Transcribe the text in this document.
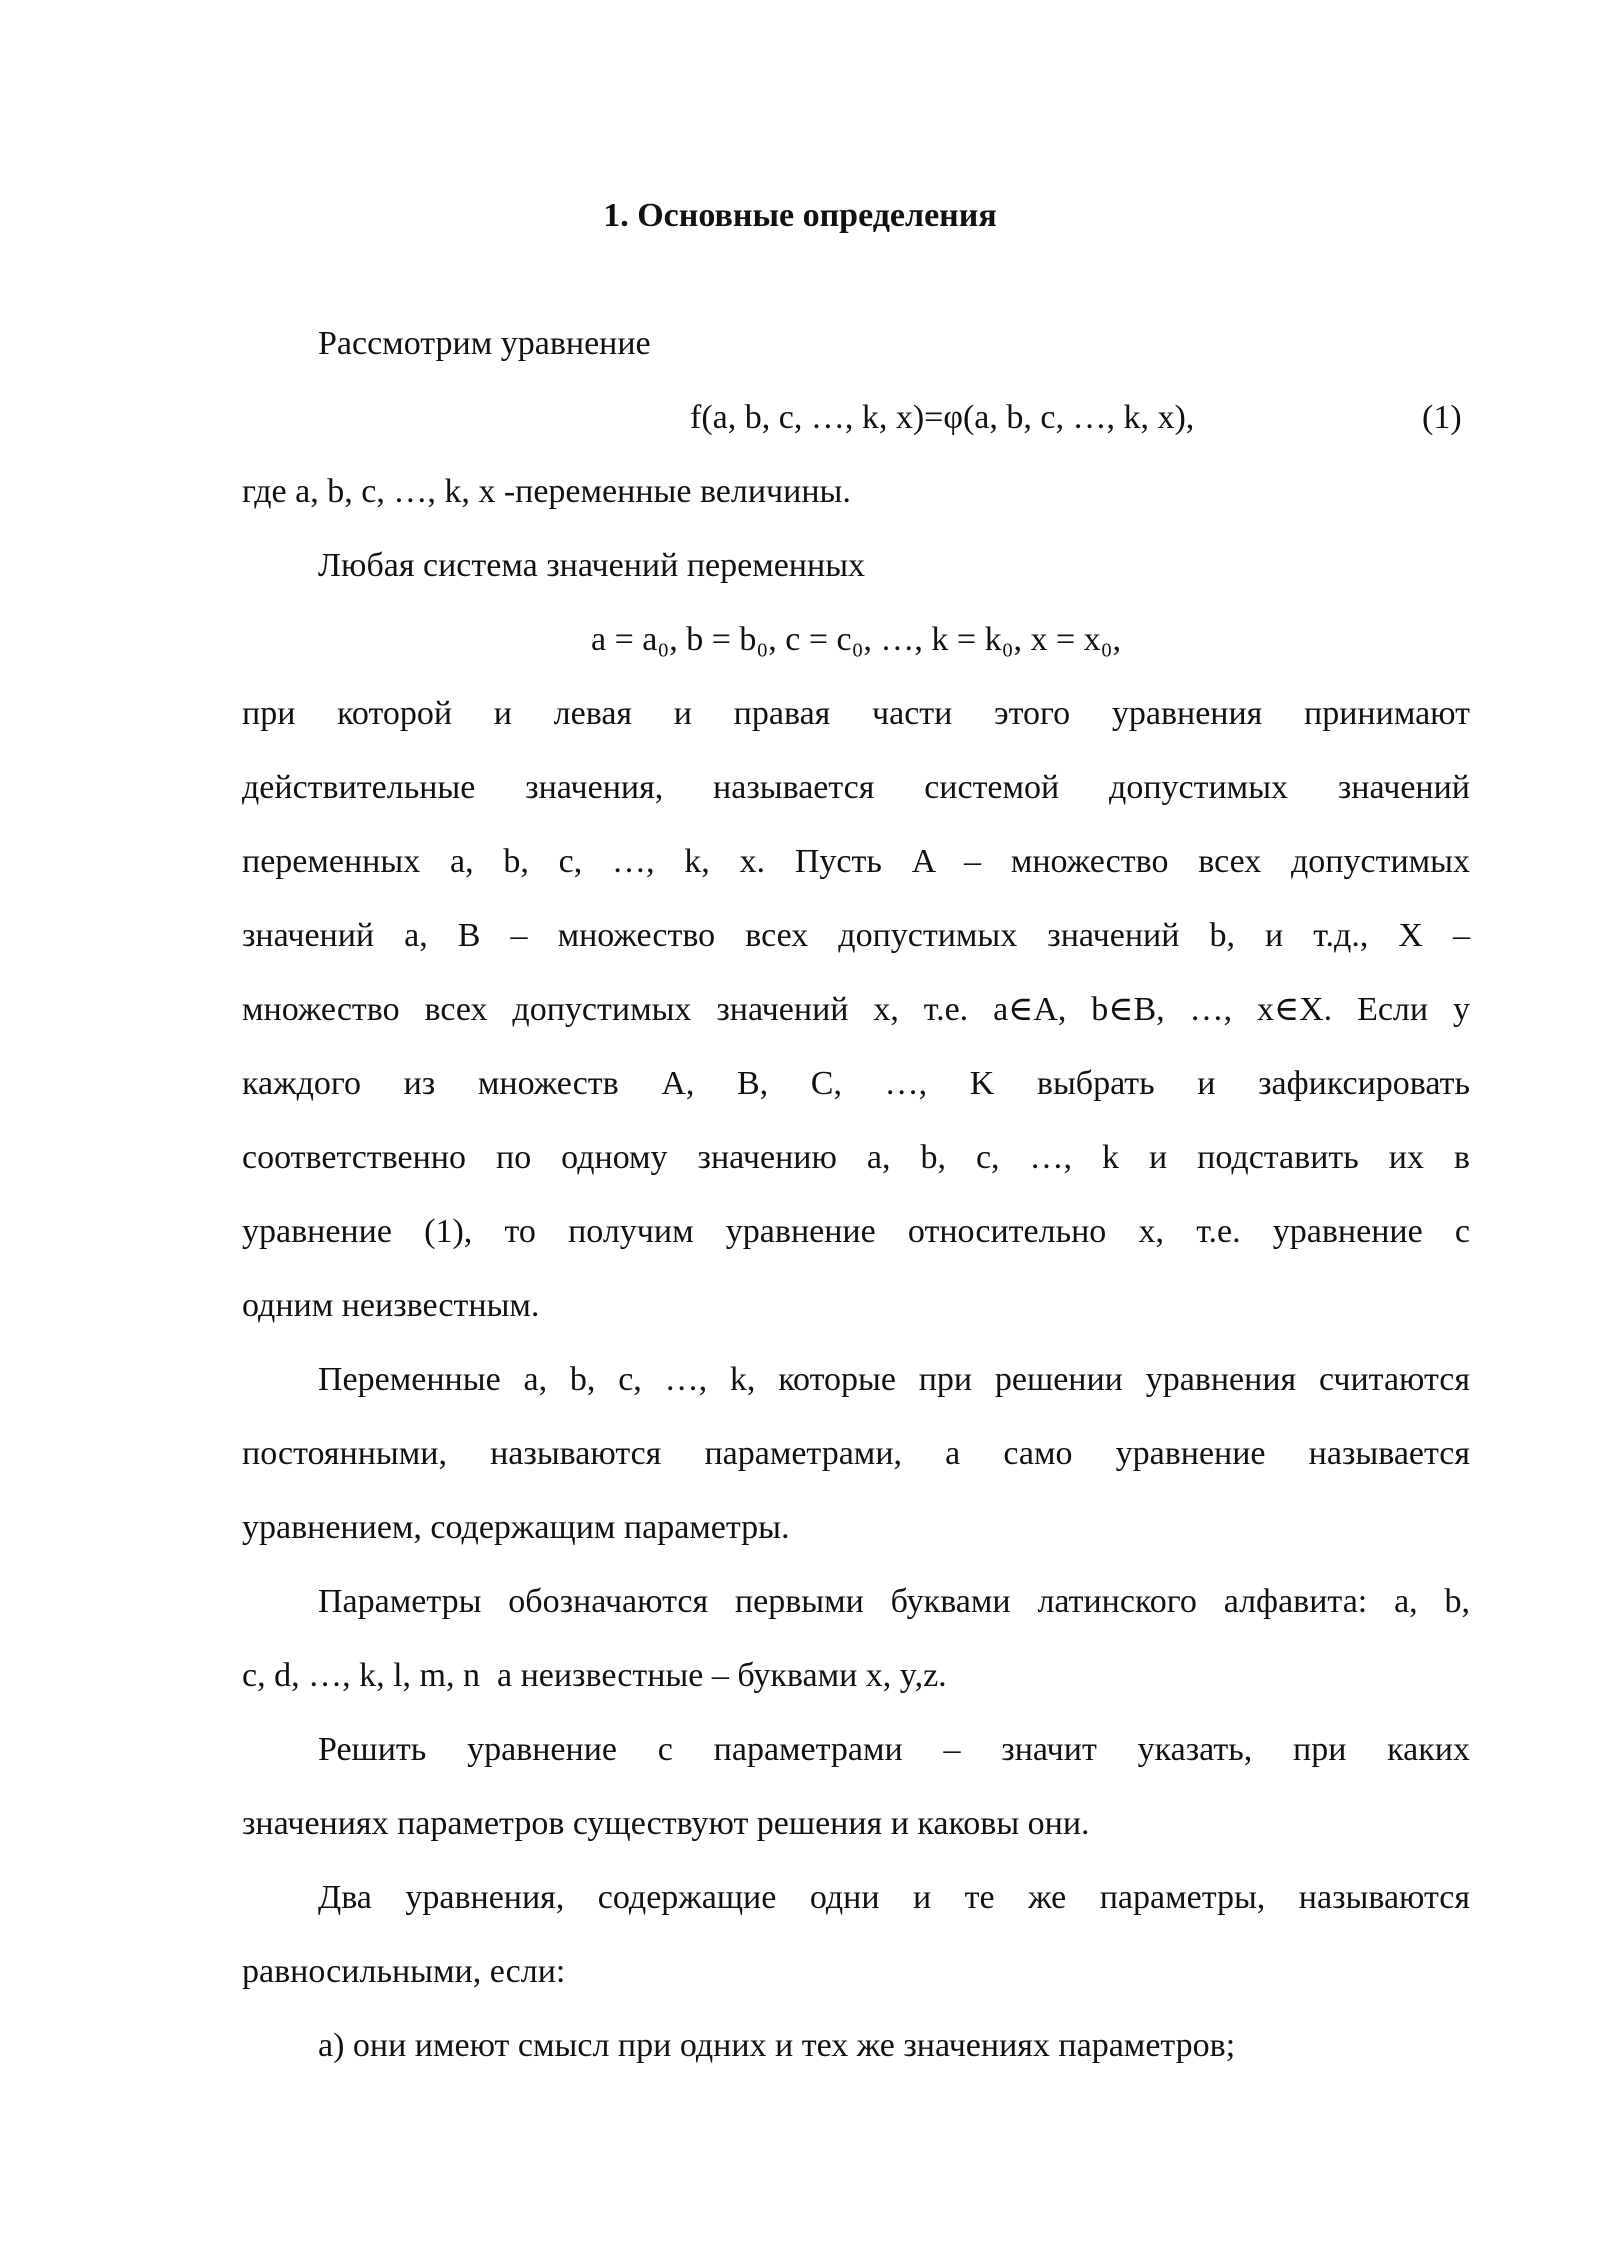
1. Основные определения
Рассмотрим уравнение
f(a, b, c, …, k, x)=φ(a, b, c, …, k, x),	(1)
где a, b, c, …, k, x -переменные величины.
Любая система значений переменных
a = a₀, b = b₀, c = c₀, …, k = k₀, x = x₀,
при которой и левая и правая части этого уравнения принимают
действительные значения, называется системой допустимых значений
переменных a, b, c, …, k, x. Пусть A – множество всех допустимых
значений a, B – множество всех допустимых значений b, и т.д., X –
множество всех допустимых значений x, т.е. a∈A, b∈B, …, x∈X. Если у
каждого из множеств A, B, C, …, K выбрать и зафиксировать
соответственно по одному значению a, b, c, …, k и подставить их в
уравнение (1), то получим уравнение относительно x, т.е. уравнение с
одним неизвестным.
Переменные a, b, c, …, k, которые при решении уравнения считаются
постоянными, называются параметрами, а само уравнение называется
уравнением, содержащим параметры.
Параметры обозначаются первыми буквами латинского алфавита: a, b,
c, d, …, k, l, m, n  а неизвестные – буквами x, y,z.
Решить уравнение с параметрами – значит указать, при каких
значениях параметров существуют решения и каковы они.
Два уравнения, содержащие одни и те же параметры, называются
равносильными, если:
а) они имеют смысл при одних и тех же значениях параметров;
